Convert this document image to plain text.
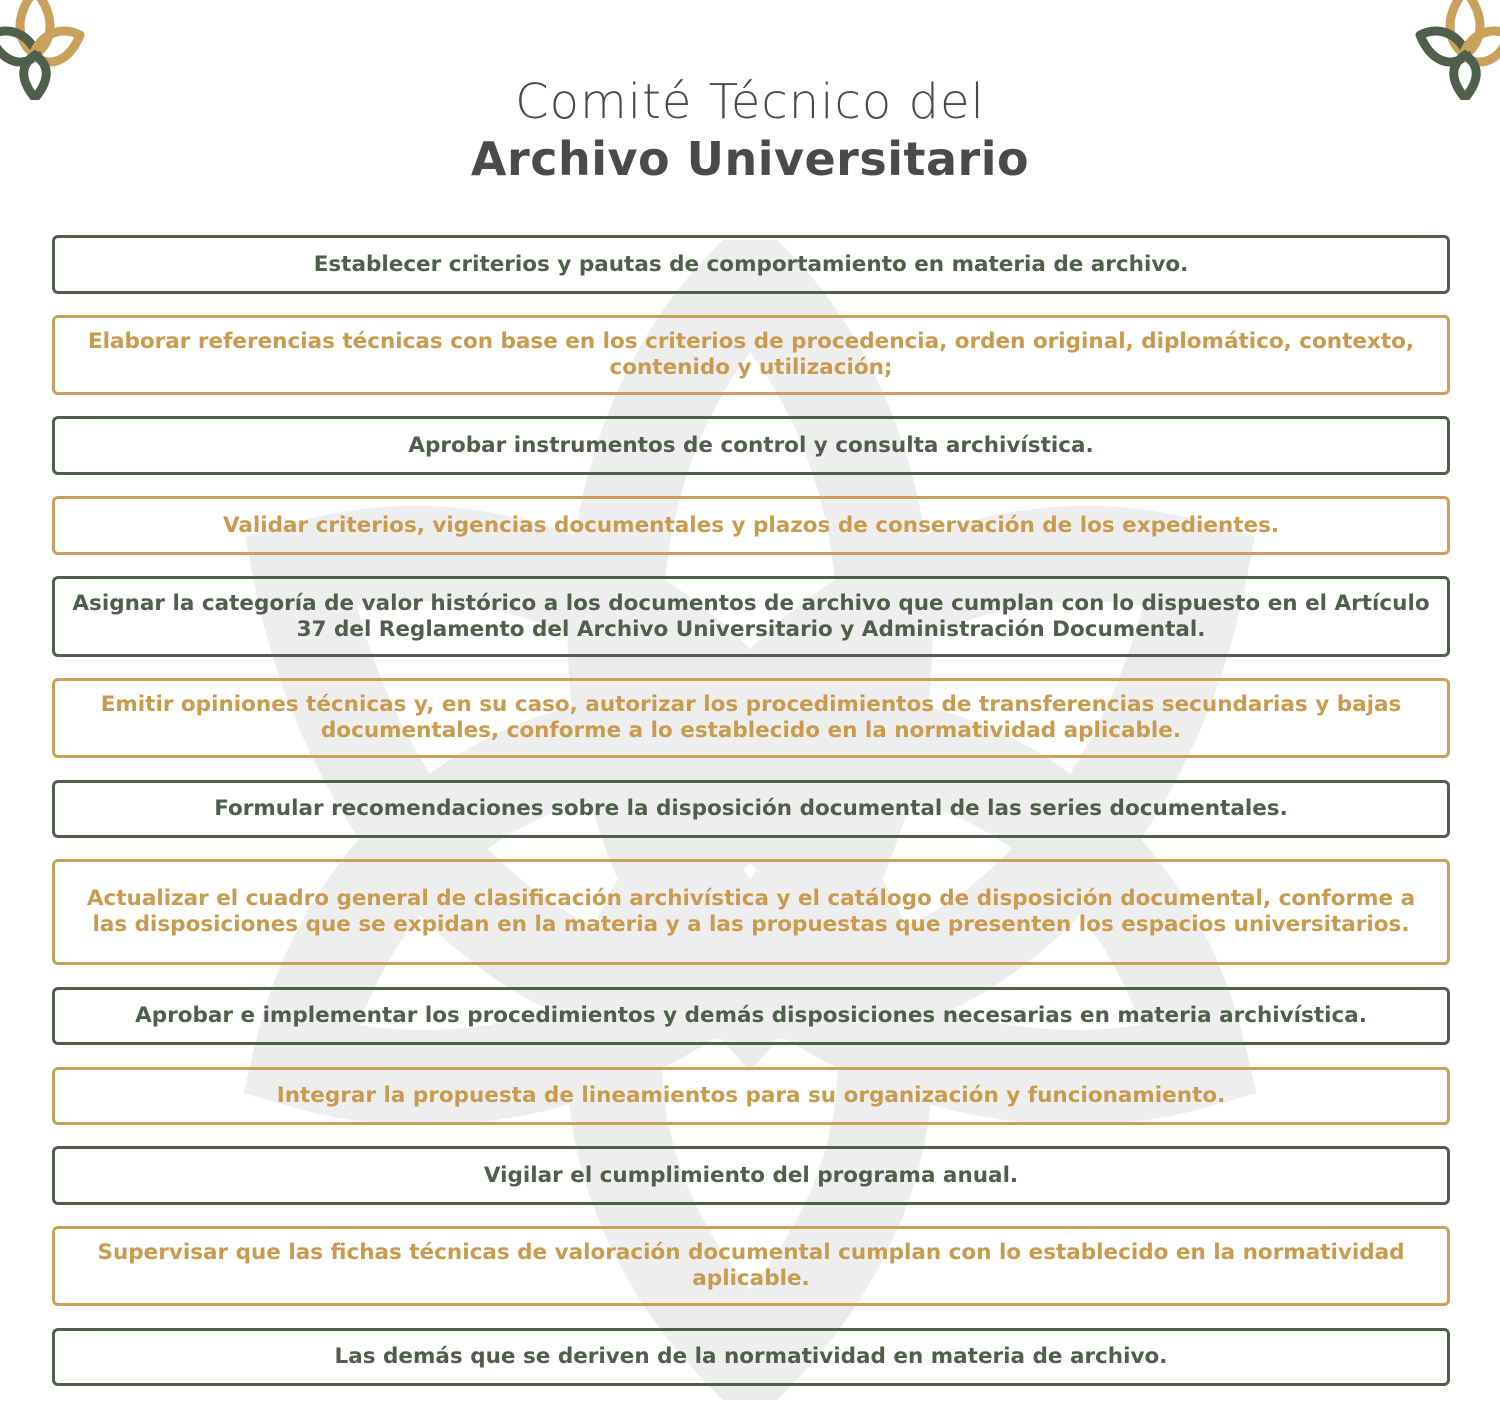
Comité Técnico del
Archivo Universitario
Establecer criterios y pautas de comportamiento en materia de archivo.
Elaborar referencias técnicas con base en los criterios de procedencia, orden original, diplomático, contexto, contenido y utilización;
Aprobar instrumentos de control y consulta archivística.
Validar criterios, vigencias documentales y plazos de conservación de los expedientes.
Asignar la categoría de valor histórico a los documentos de archivo que cumplan con lo dispuesto en el Artículo 37 del Reglamento del Archivo Universitario y Administración Documental.
Emitir opiniones técnicas y, en su caso, autorizar los procedimientos de transferencias secundarias y bajas documentales, conforme a lo establecido en la normatividad aplicable.
Formular recomendaciones sobre la disposición documental de las series documentales.
Actualizar el cuadro general de clasificación archivística y el catálogo de disposición documental, conforme a las disposiciones que se expidan en la materia y a las propuestas que presenten los espacios universitarios.
Aprobar e implementar los procedimientos y demás disposiciones necesarias en materia archivística.
Integrar la propuesta de lineamientos para su organización y funcionamiento.
Vigilar el cumplimiento del programa anual.
Supervisar que las fichas técnicas de valoración documental cumplan con lo establecido en la normatividad aplicable.
Las demás que se deriven de la normatividad en materia de archivo.
